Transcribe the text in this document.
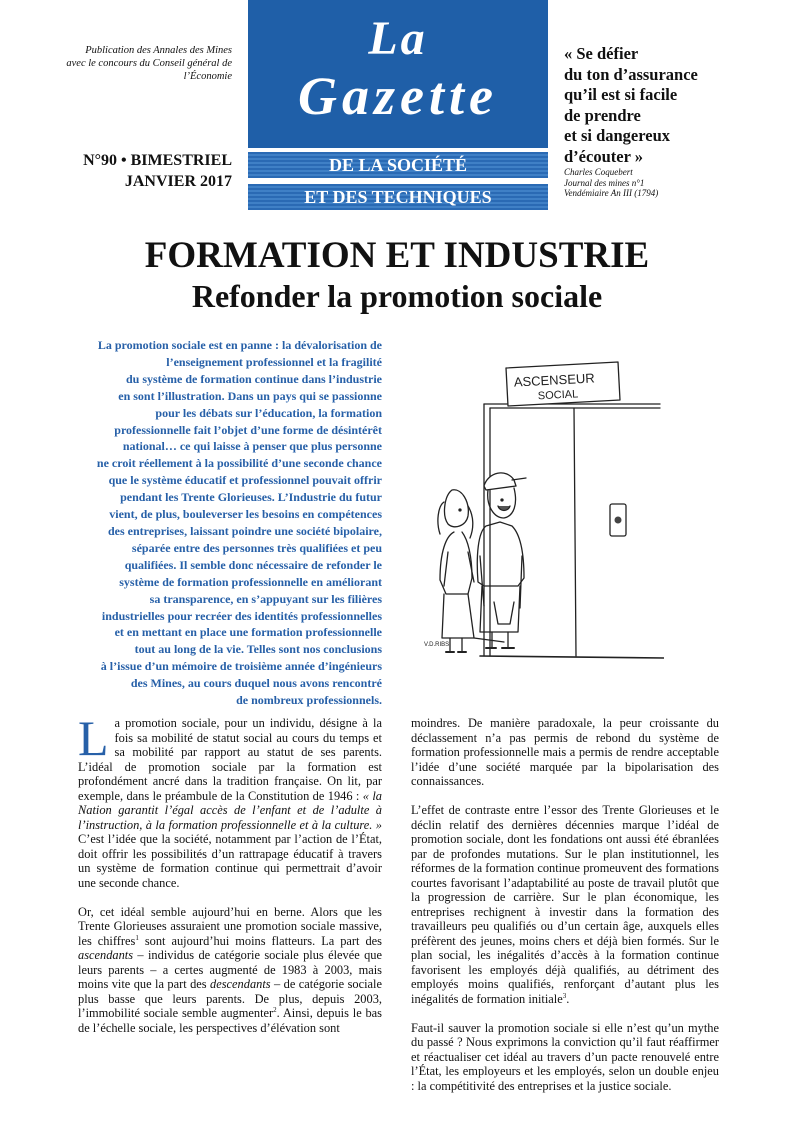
Publication des Annales des Mines
avec le concours du Conseil général de
l’Économie
N°90 • BIMESTRIEL
JANVIER 2017
La
Gazette
DE LA SOCIÉTÉ
ET DES TECHNIQUES
« Se défier
du ton d’assurance
qu’il est si facile
de prendre
et si dangereux
d’écouter »
Charles Coquebert
Journal des mines n°1
Vendémiaire An III (1794)
FORMATION ET INDUSTRIE
Refonder la promotion sociale
La promotion sociale est en panne : la dévalorisation de
l’enseignement professionnel et la fragilité
du système de formation continue dans l’industrie
en sont l’illustration. Dans un pays qui se passionne
pour les débats sur l’éducation, la formation
professionnelle fait l’objet d’une forme de désintérêt
national… ce qui laisse à penser que plus personne
ne croit réellement à la possibilité d’une seconde chance
que le système éducatif et professionnel pouvait offrir
pendant les Trente Glorieuses. L’Industrie du futur
vient, de plus, bouleverser les besoins en compétences
des entreprises, laissant poindre une société bipolaire,
séparée entre des personnes très qualifiées et peu
qualifiées. Il semble donc nécessaire de refonder le
système de formation professionnelle en améliorant
sa transparence, en s’appuyant sur les filières
industrielles pour recréer des identités professionnelles
et en mettant en place une formation professionnelle
tout au long de la vie. Telles sont nos conclusions
à l’issue d’un mémoire de troisième année d’ingénieurs
des Mines, au cours duquel nous avons rencontré
de nombreux professionnels.
ASCENSEUR
SOCIAL
V.D.RIBS

La promotion sociale, pour un individu, désigne à la fois sa mobilité de statut social au cours du temps et sa mobilité par rapport au statut de ses parents. L’idéal de promotion sociale par la formation est profondément ancré dans la tradition française. On lit, par exemple, dans le préambule de la Constitution de 1946 : « la Nation garantit l’égal accès de l’enfant et de l’adulte à l’instruction, à la formation professionnelle et à la culture. » C’est l’idée que la société, notamment par l’action de l’État, doit offrir les possibilités d’un rattrapage éducatif à travers un système de formation continue qui permettrait d’avoir une seconde chance.

Or, cet idéal semble aujourd’hui en berne. Alors que les Trente Glorieuses assuraient une promotion sociale massive, les chiffres$^1$ sont aujourd’hui moins flatteurs. La part des ascendants – individus de catégorie sociale plus élevée que leurs parents – a certes augmenté de 1983 à 2003, mais moins vite que la part des descendants – de catégorie sociale plus basse que leurs parents. De plus, depuis 2003, l’immobilité sociale semble augmenter$^2$. Ainsi, depuis le bas de l’échelle sociale, les perspectives d’élévation sont

moindres. De manière paradoxale, la peur croissante du déclassement n’a pas permis de rebond du système de formation professionnelle mais a permis de rendre acceptable l’idée d’une société marquée par la bipolarisation des connaissances.

L’effet de contraste entre l’essor des Trente Glorieuses et le déclin relatif des dernières décennies marque l’idéal de promotion sociale, dont les fondations ont aussi été ébranlées par de profondes mutations. Sur le plan institutionnel, les réformes de la formation continue promeuvent des formations courtes favorisant l’adaptabilité au poste de travail plutôt que la progression de carrière. Sur le plan économique, les entreprises rechignent à investir dans la formation des travailleurs peu qualifiés ou d’un certain âge, auxquels elles préfèrent des jeunes, moins chers et déjà bien formés. Sur le plan social, les inégalités d’accès à la formation continue favorisent les employés déjà qualifiés, au détriment des employés moins qualifiés, renforçant d’autant plus les inégalités de formation initiale$^3$.

Faut-il sauver la promotion sociale si elle n’est qu’un mythe du passé ? Nous exprimons la conviction qu’il faut réaffirmer et réactualiser cet idéal au travers d’un pacte renouvelé entre l’État, les employeurs et les employés, selon un double enjeu : la compétitivité des entreprises et la justice sociale.
